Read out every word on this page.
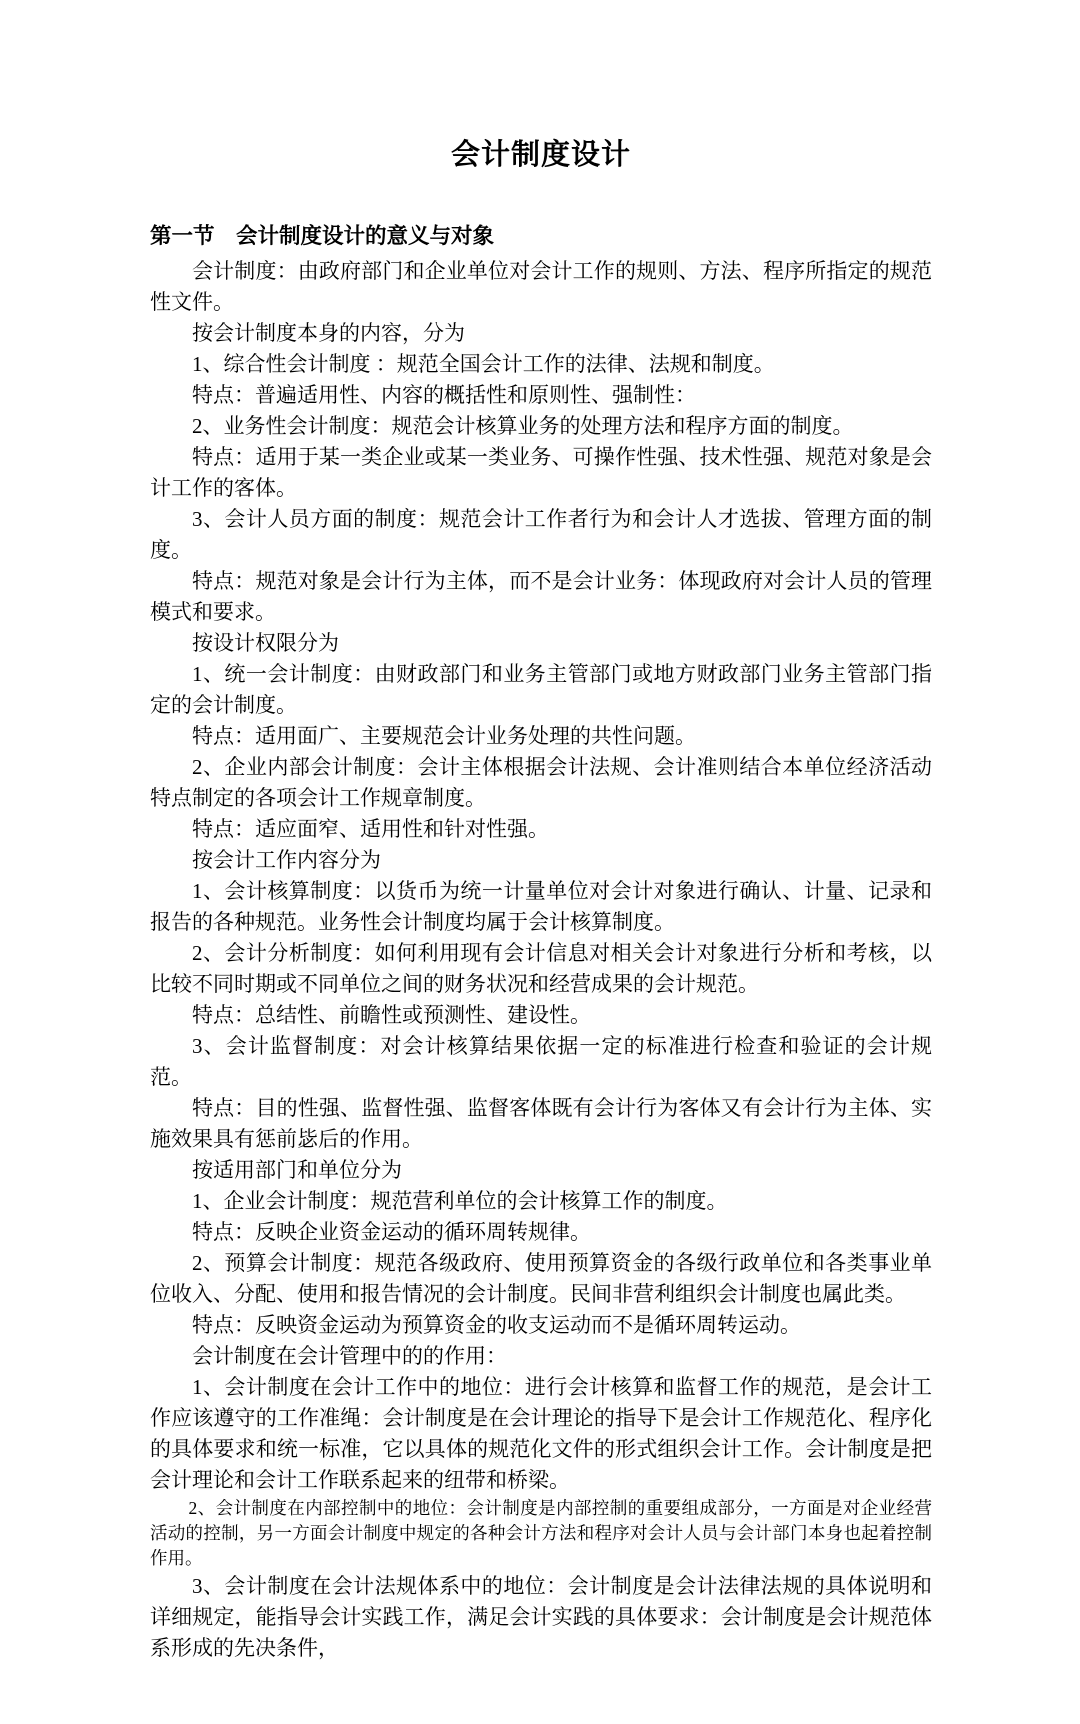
会计制度设计
第一节　会计制度设计的意义与对象

会计制度：由政府部门和企业单位对会计工作的规则、方法、程序所指定的规范性文件。

按会计制度本身的内容，分为

1、综合性会计制度 ：规范全国会计工作的法律、法规和制度。

特点：普遍适用性、内容的概括性和原则性、强制性：

2、业务性会计制度：规范会计核算业务的处理方法和程序方面的制度。

特点：适用于某一类企业或某一类业务、可操作性强、技术性强、规范对象是会计工作的客体。

3、会计人员方面的制度：规范会计工作者行为和会计人才选拔、管理方面的制度。

特点：规范对象是会计行为主体，而不是会计业务：体现政府对会计人员的管理模式和要求。

按设计权限分为

1、统一会计制度：由财政部门和业务主管部门或地方财政部门业务主管部门指定的会计制度。

特点：适用面广、主要规范会计业务处理的共性问题。

2、企业内部会计制度：会计主体根据会计法规、会计准则结合本单位经济活动特点制定的各项会计工作规章制度。

特点：适应面窄、适用性和针对性强。

按会计工作内容分为

1、会计核算制度：以货币为统一计量单位对会计对象进行确认、计量、记录和报告的各种规范。业务性会计制度均属于会计核算制度。

2、会计分析制度：如何利用现有会计信息对相关会计对象进行分析和考核，以比较不同时期或不同单位之间的财务状况和经营成果的会计规范。

特点：总结性、前瞻性或预测性、建设性。

3、会计监督制度：对会计核算结果依据一定的标准进行检查和验证的会计规范。

特点：目的性强、监督性强、监督客体既有会计行为客体又有会计行为主体、实施效果具有惩前毖后的作用。

按适用部门和单位分为

1、企业会计制度：规范营利单位的会计核算工作的制度。

特点：反映企业资金运动的循环周转规律。

2、预算会计制度：规范各级政府、使用预算资金的各级行政单位和各类事业单位收入、分配、使用和报告情况的会计制度。民间非营利组织会计制度也属此类。

特点：反映资金运动为预算资金的收支运动而不是循环周转运动。

会计制度在会计管理中的的作用：

1、会计制度在会计工作中的地位：进行会计核算和监督工作的规范，是会计工作应该遵守的工作准绳：会计制度是在会计理论的指导下是会计工作规范化、程序化的具体要求和统一标准，它以具体的规范化文件的形式组织会计工作。会计制度是把会计理论和会计工作联系起来的纽带和桥梁。

2、会计制度在内部控制中的地位：会计制度是内部控制的重要组成部分，一方面是对企业经营活动的控制，另一方面会计制度中规定的各种会计方法和程序对会计人员与会计部门本身也起着控制作用。

3、会计制度在会计法规体系中的地位：会计制度是会计法律法规的具体说明和详细规定，能指导会计实践工作，满足会计实践的具体要求：会计制度是会计规范体系形成的先决条件，
